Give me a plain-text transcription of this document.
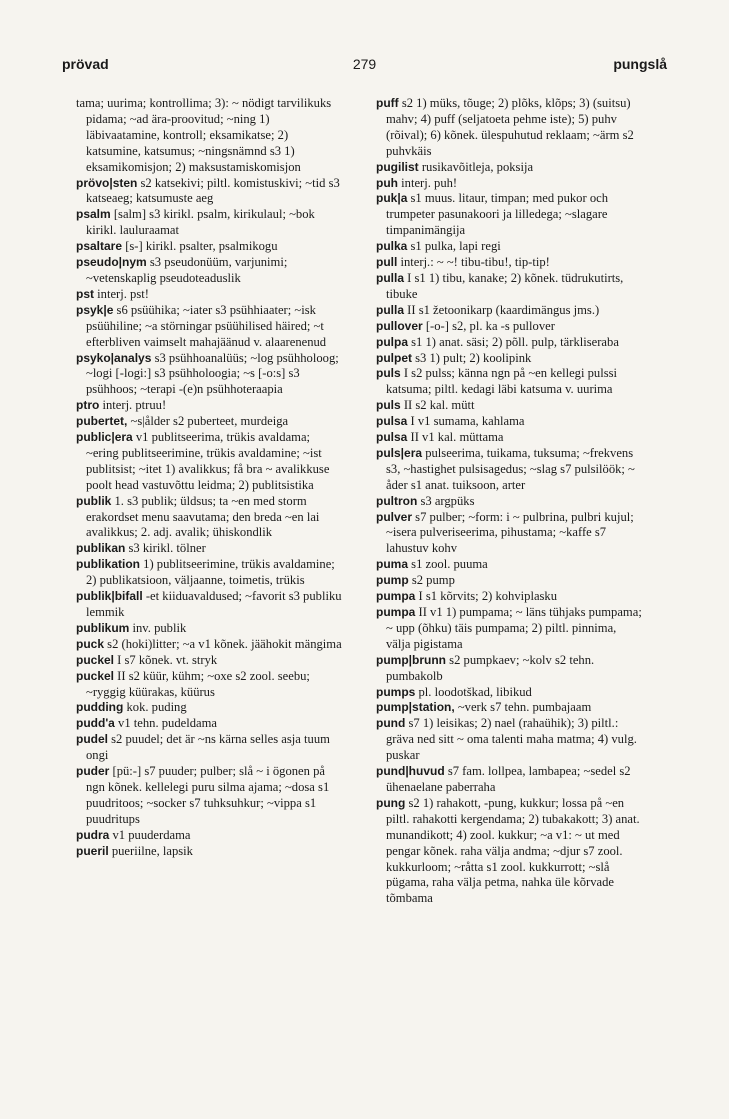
prövad	279	pungslå
tama; uurima; kontrollima; 3): ~ nödigt tarvilikuks pidama; ~ad ära-proovitud; ~ning 1) läbivaatamine, kontroll; eksamikatse; 2) katsumine, katsumus; ~ningsnämnd s3 1) eksamikomisjon; 2) maksustamiskomisjon
prövo|sten s2 katsekivi; piltl. komistuskivi; ~tid s3 katseaeg; katsumuste aeg
psalm [salm] s3 kirikl. psalm, kirikulaul; ~bok kirikl. lauluraamat
psaltare [s-] kirikl. psalter, psalmikogu
pseudo|nym s3 pseudonüüm, varjunimi; ~vetenskaplig pseudoteaduslik
pst interj. pst!
psyk|e s6 psüühika; ~iater s3 psühhiaater; ~isk psüühiline; ~a störningar psüühilised häired; ~t efterbliven vaimselt mahajäänud v. alaarenenud
psyko|analys s3 psühhoanalüüs; ~log psühholoog; ~logi [-logi:] s3 psühholoogia; ~s [-o:s] s3 psühhoos; ~terapi -(e)n psühhoteraapia
ptro interj. ptruu!
pubertet, ~s|ålder s2 puberteet, murdeiga
public|era v1 publitseerima, trükis avaldama; ~ering publitseerimine, trükis avaldamine; ~ist publitsist; ~itet 1) avalikkus; få bra ~ avalikkuse poolt head vastuvõttu leidma; 2) publitsistika
publik 1. s3 publik; üldsus; ta ~en med storm erakordset menu saavutama; den breda ~en lai avalikkus; 2. adj. avalik; ühiskondlik
publikan s3 kirikl. tölner
publikation 1) publitseerimine, trükis avaldamine; 2) publikatsioon, väljaanne, toimetis, trükis
publik|bifall -et kiiduavaldused; ~favorit s3 publiku lemmik
publikum inv. publik
puck s2 (hoki)litter; ~a v1 kõnek. jäähokit mängima
puckel I s7 kõnek. vt. stryk
puckel II s2 küür, kühm; ~oxe s2 zool. seebu; ~ryggig küürakas, küürus
pudding kok. puding
pudd'a v1 tehn. pudeldama
pudel s2 puudel; det är ~ns kärna selles asja tuum ongi
puder [pü:-] s7 puuder; pulber; slå ~ i ögonen på ngn kõnek. kellelegi puru silma ajama; ~dosa s1 puudritoos; ~socker s7 tuhksuhkur; ~vippa s1 puudritups
pudra v1 puuderdama
pueril pueriilne, lapsik
puff s2 1) müks, tõuge; 2) plõks, klõps; 3) (suitsu) mahv; 4) puff (seljatoeta pehme iste); 5) puhv (rõival); 6) kõnek. ülespuhutud reklaam; ~ärm s2 puhvkäis
pugilist rusikavõitleja, poksija
puh interj. puh!
puk|a s1 muus. litaur, timpan; med pukor och trumpeter pasunakoori ja lilledega; ~slagare timpanimängija
pulka s1 pulka, lapi regi
pull interj.: ~ ~! tibu-tibu!, tip-tip!
pulla I s1 1) tibu, kanake; 2) kõnek. tüdrukutirts, tibuke
pulla II s1 žetoonikarp (kaardimängus jms.)
pullover [-o-] s2, pl. ka -s pullover
pulpa s1 1) anat. säsi; 2) põll. pulp, tärkliseraba
pulpet s3 1) pult; 2) koolipink
puls I s2 pulss; känna ngn på ~en kellegi pulssi katsuma; piltl. kedagi läbi katsuma v. uurima
puls II s2 kal. mütt
pulsa I v1 sumama, kahlama
pulsa II v1 kal. müttama
puls|era pulseerima, tuikama, tuksuma; ~frekvens s3, ~hastighet pulsisagedus; ~slag s7 pulsilöök; ~ åder s1 anat. tuiksoon, arter
pultron s3 argpüks
pulver s7 pulber; ~form: i ~ pulbrina, pulbri kujul; ~isera pulveriseerima, pihustama; ~kaffe s7 lahustuv kohv
puma s1 zool. puuma
pump s2 pump
pumpa I s1 kõrvits; 2) kohviplasku
pumpa II v1 1) pumpama; ~ läns tühjaks pumpama; ~ upp (õhku) täis pumpama; 2) piltl. pinnima, välja pigistama
pump|brunn s2 pumpkaev; ~kolv s2 tehn. pumbakolb
pumps pl. loodotškad, libikud
pump|station, ~verk s7 tehn. pumbajaam
pund s7 1) leisikas; 2) nael (rahaühik); 3) piltl.: gräva ned sitt ~ oma talenti maha matma; 4) vulg. puskar
pund|huvud s7 fam. lollpea, lambapea; ~sedel s2 ühenaelane paberraha
pung s2 1) rahakott, -pung, kukkur; lossa på ~en piltl. rahakotti kergendama; 2) tubakakott; 3) anat. munandikott; 4) zool. kukkur; ~a v1: ~ ut med pengar kõnek. raha välja andma; ~djur s7 zool. kukkurloom; ~råtta s1 zool. kukkurrott; ~slå pügama, raha välja petma, nahka üle kõrvade tõmbama
